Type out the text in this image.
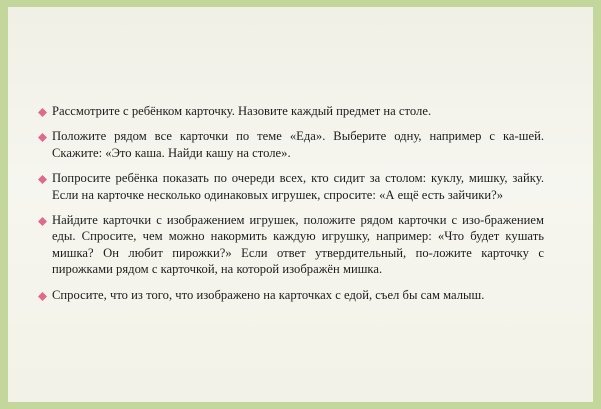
Рассмотрите с ребёнком карточку. Назовите каждый предмет на столе.
Положите рядом все карточки по теме «Еда». Выберите одну, например с ка-шей. Скажите: «Это каша. Найди кашу на столе».
Попросите ребёнка показать по очереди всех, кто сидит за столом: куклу, мишку, зайку. Если на карточке несколько одинаковых игрушек, спросите: «А ещё есть зайчики?»
Найдите карточки с изображением игрушек, положите рядом карточки с изо-бражением еды. Спросите, чем можно накормить каждую игрушку, например: «Что будет кушать мишка? Он любит пирожки?» Если ответ утвердительный, по-ложите карточку с пирожками рядом с карточкой, на которой изображён мишка.
Спросите, что из того, что изображено на карточках с едой, съел бы сам малыш.
